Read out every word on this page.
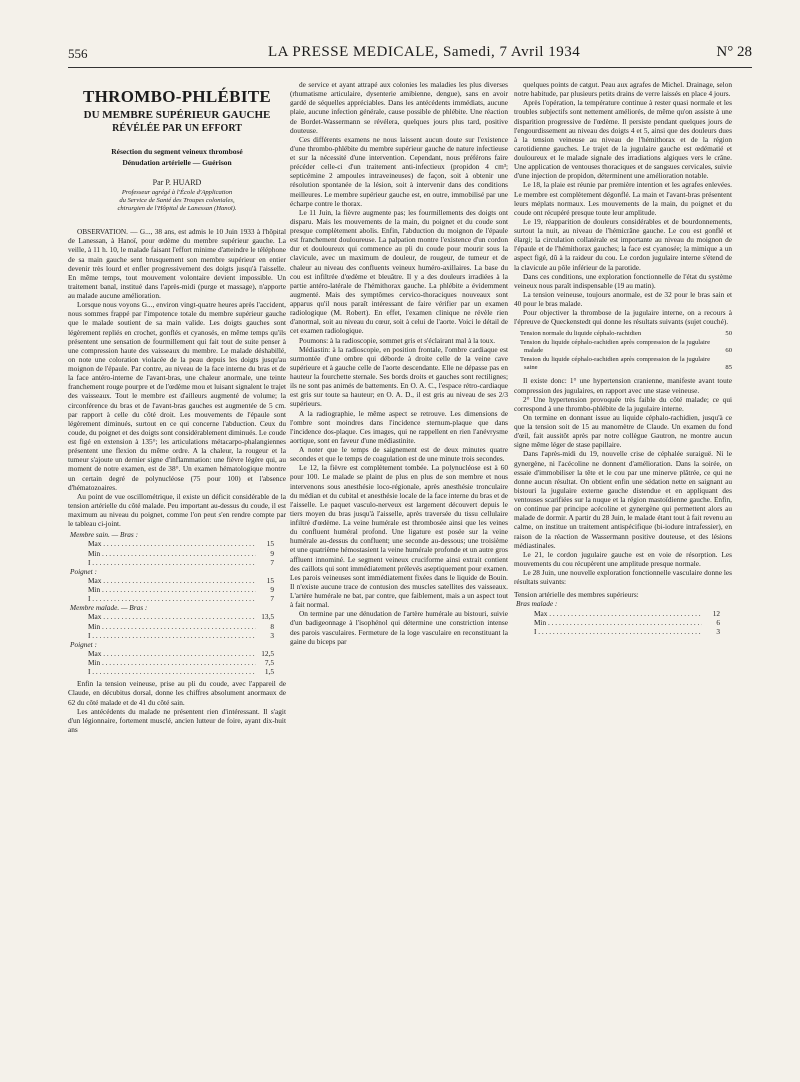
556	LA PRESSE MEDICALE, Samedi, 7 Avril 1934	N° 28
THROMBO-PHLÉBITE
DU MEMBRE SUPÉRIEUR GAUCHE
RÉVÉLÉE PAR UN EFFORT
Résection du segment veineux thrombosé
Dénudation artérielle — Guérison
Par P. HUARD
Professeur agrégé à l'École d'Application
du Service de Santé des Troupes coloniales,
chirurgien de l'Hôpital de Lanessan (Hanoï).

OBSERVATION. — G..., 38 ans, est admis le 10 Juin 1933 à l'hôpital de Lanessan, à Hanoï, pour œdème du membre supérieur gauche. La veille, à 11 h. 10, le malade faisant l'effort minime d'atteindre le téléphone de sa main gauche sent brusquement son membre supérieur en entier devenir très lourd et enfler progressivement des doigts jusqu'à l'aisselle. En même temps, tout mouvement volontaire devient impossible. Un traitement banal, institué dans l'après-midi (purge et massage), n'apporte au malade aucune amélioration.

Lorsque nous voyons G..., environ vingt-quatre heures après l'accident, nous sommes frappé par l'impotence totale du membre supérieur gauche que le malade soutient de sa main valide. Les doigts gauches sont légèrement repliés en crochet, gonflés et cyanosés, en même temps qu'ils présentent une sensation de fourmillement qui fait tout de suite penser à une compression haute des vaisseaux du membre. Le malade déshabillé, on note une coloration violacée de la peau depuis les doigts jusqu'au moignon de l'épaule. Par contre, au niveau de la face interne du bras et de la face antéro-interne de l'avant-bras, une chaleur anormale, une teinte franchement rouge pourpre et de l'œdème mou et luisant signalent le trajet des vaisseaux. Tout le membre est d'ailleurs augmenté de volume; la circonférence du bras et de l'avant-bras gauches est augmentée de 5 cm. par rapport à celle du côté droit. Les mouvements de l'épaule sont légèrement diminués, surtout en ce qui concerne l'abduction. Ceux du coude, du poignet et des doigts sont considérablement diminués. Le coude est figé en extension à 135°; les articulations métacarpo-phalangiennes présentent une flexion du même ordre. A la chaleur, la rougeur et la tumeur s'ajoute un dernier signe d'inflammation: une fièvre légère qui, au moment de notre examen, est de 38°. Un examen hématologique montre un certain degré de polynucléose (75 pour 100) et l'absence d'hématozoaires.

Au point de vue oscillométrique, il existe un déficit considérable de la tension artérielle du côté malade. Peu important au-dessus du coude, il est maximum au niveau du poignet, comme l'on peut s'en rendre compte par le tableau ci-joint.

Membre sain. — Bras :
Max . . .	15
Min . . .	9
I . . .	7
Poignet :
Max . . .	15
Min . . .	9
I . . .	7
Membre malade. — Bras :
Max . . .	13,5
Min . . .	8
I . . .	3
Poignet :
Max . . .	12,5
Min . . .	7,5
I . . .	1,5

Enfin la tension veineuse, prise au pli du coude, avec l'appareil de Claude, en décubitus dorsal, donne les chiffres absolument anormaux de 62 du côté malade et de 41 du côté sain.

Les antécédents du malade ne présentent rien d'intéressant. Il s'agit d'un légionnaire, fortement musclé, ancien lutteur de foire, ayant dix-huit ans

de service et ayant attrapé aux colonies les maladies les plus diverses (rhumatisme articulaire, dysenterie amibienne, dengue), sans en avoir gardé de séquelles appréciables. Dans les antécédents immédiats, aucune plaie, aucune infection générale, cause possible de phlébite. Une réaction de Bordet-Wassermann se révélera, quelques jours plus tard, positive douteuse.

Ces différents examens ne nous laissent aucun doute sur l'existence d'une thrombo-phlébite du membre supérieur gauche de nature infectieuse et sur la nécessité d'une intervention. Cependant, nous préférons faire précéder celle-ci d'un traitement anti-infectieux (propidon 4 cm³; septicémine 2 ampoules intraveineuses) de façon, soit à obtenir une résolution spontanée de la lésion, soit à intervenir dans des conditions meilleures. Le membre supérieur gauche est, en outre, immobilisé par une écharpe contre le thorax.

Le 11 Juin, la fièvre augmente pas; les fourmillements des doigts ont disparu. Mais les mouvements de la main, du poignet et du coude sont presque complètement abolis. Enfin, l'abduction du moignon de l'épaule est franchement douloureuse. La palpation montre l'existence d'un cordon dur et douloureux qui commence au pli du coude pour mourir sous la clavicule, avec un maximum de douleur, de rougeur, de tumeur et de chaleur au niveau des confluents veineux huméro-axillaires. La base du cou est infiltrée d'œdème et bleuâtre. Il y a des douleurs irradiées à la partie antéro-latérale de l'hémithorax gauche. La phlébite a évidemment augmenté. Mais des symptômes cervico-thoraciques nouveaux sont apparus qu'il nous paraît intéressant de faire vérifier par un examen radiologique (M. Robert). En effet, l'examen clinique ne révèle rien d'anormal, soit au niveau du cœur, soit à celui de l'aorte. Voici le détail de cet examen radiologique.

Poumons: à la radioscopie, sommet gris et s'éclairant mal à la toux.

Médiastin: à la radioscopie, en position frontale, l'ombre cardiaque est surmontée d'une ombre qui déborde à droite celle de la veine cave supérieure et à gauche celle de l'aorte descendante. Elle ne dépasse pas en hauteur la fourchette sternale. Ses bords droits et gauches sont rectilignes; ils ne sont pas animés de battements. En O. A. C., l'espace rétro-cardiaque est gris sur toute sa hauteur; en O. A. D., il est gris au niveau de ses 2/3 supérieurs.

A la radiographie, le même aspect se retrouve. Les dimensions de l'ombre sont moindres dans l'incidence sternum-plaque que dans l'incidence dos-plaque. Ces images, qui ne rappellent en rien l'anévrysme aortique, sont en faveur d'une médiastinite.

A noter que le temps de saignement est de deux minutes quatre secondes et que le temps de coagulation est de une minute trois secondes.

Le 12, la fièvre est complètement tombée. La polynucléose est à 60 pour 100. Le malade se plaint de plus en plus de son membre et nous intervenons sous anesthésie loco-régionale, après anesthésie tronculaire du médian et du cubital et anesthésie locale de la face interne du bras et de l'aisselle. Le paquet vasculo-nerveux est largement découvert depuis le tiers moyen du bras jusqu'à l'aisselle, après traversée du tissu cellulaire infiltré d'œdème. La veine humérale est thrombosée ainsi que les veines du confluent huméral profond. Une ligature est posée sur la veine humérale au-dessus du confluent; une seconde au-dessous; une troisième et une quatrième hémostasient la veine humérale profonde et un autre gros affluent innominé. Le segment veineux cruciforme ainsi extrait contient des caillots qui sont immédiatement prélevés aseptiquement pour examen. Les parois veineuses sont immédiatement fixées dans le liquide de Bouin. Il n'existe aucune trace de contusion des muscles satellites des vaisseaux. L'artère humérale ne bat, par contre, que faiblement, mais a un aspect tout à fait normal.

On termine par une dénudation de l'artère humérale au bistouri, suivie d'un badigeonnage à l'isophénol qui détermine une constriction intense des parois vasculaires. Fermeture de la loge vasculaire en reconstituant la gaine du biceps par

quelques points de catgut. Peau aux agrafes de Michel. Drainage, selon notre habitude, par plusieurs petits drains de verre laissés en place 4 jours.

Après l'opération, la température continue à rester quasi normale et les troubles subjectifs sont nettement améliorés, de même qu'on assiste à une disparition progressive de l'œdème. Il persiste pendant quelques jours de l'engourdissement au niveau des doigts 4 et 5, ainsi que des douleurs dues à la tension veineuse au niveau de l'hémithorax et de la région carotidienne gauches. Le trajet de la jugulaire gauche est œdématié et douloureux et le malade signale des irradiations algiques vers le crâne. Une application de ventouses thoraciques et de sangsues cervicales, suivie d'une injection de propidon, déterminent une amélioration notable.

Le 18, la plaie est réunie par première intention et les agrafes enlevées. Le membre est complètement dégonflé. La main et l'avant-bras présentent leurs méplats normaux. Les mouvements de la main, du poignet et du coude ont récupéré presque toute leur amplitude.

Le 19, réapparition de douleurs considérables et de bourdonnements, surtout la nuit, au niveau de l'hémicrâne gauche. Le cou est gonflé et élargi; la circulation collatérale est importante au niveau du moignon de l'épaule et de l'hémithorax gauches; la face est cyanosée; la mimique a un aspect figé, dû à la raideur du cou. Le cordon jugulaire interne s'étend de la clavicule au pôle inférieur de la parotide.

Dans ces conditions, une exploration fonctionnelle de l'état du système veineux nous paraît indispensable (19 au matin).

La tension veineuse, toujours anormale, est de 32 pour le bras sain et 40 pour le bras malade.

Pour objectiver la thrombose de la jugulaire interne, on a recours à l'épreuve de Queckenstedt qui donne les résultats suivants (sujet couché).

Tension normale du liquide céphalo-rachidien	50
Tension du liquide céphalo-rachidien après compression de la jugulaire malade	60
Tension du liquide céphalo-rachidien après compression de la jugulaire saine	85

Il existe donc: 1° une hypertension cranienne, manifeste avant toute compression des jugulaires, en rapport avec une stase veineuse.

2° Une hypertension provoquée très faible du côté malade; ce qui correspond à une thrombo-phlébite de la jugulaire interne.

On termine en donnant issue au liquide céphalo-rachidien, jusqu'à ce que la tension soit de 15 au manomètre de Claude. Un examen du fond d'œil, fait aussitôt après par notre collègue Gautron, ne montre aucun signe même léger de stase papillaire.

Dans l'après-midi du 19, nouvelle crise de céphalée suraiguë. Ni le gynergène, ni l'acécoline ne donnent d'amélioration. Dans la soirée, on essaie d'immobiliser la tête et le cou par une minerve plâtrée, ce qui ne donne aucun résultat. On obtient enfin une sédation nette en saignant au bistouri la jugulaire externe gauche distendue et en appliquant des ventouses scarifiées sur la nuque et la région mastoïdienne gauche. Enfin, on continue par principe acécoline et gynergène qui permettent alors au malade de dormir. A partir du 28 Juin, le malade étant tout à fait revenu au calme, on institue un traitement antispécifique (bi-iodure intrafessier), en raison de la réaction de Wassermann positive douteuse, et des lésions médiastinales.

Le 21, le cordon jugulaire gauche est en voie de résorption. Les mouvements du cou récupèrent une amplitude presque normale.

Le 28 Juin, une nouvelle exploration fonctionnelle vasculaire donne les résultats suivants:

Tension artérielle des membres supérieurs:
Bras malade :
Max . . .	12
Min . . .	6
I . . .	3
